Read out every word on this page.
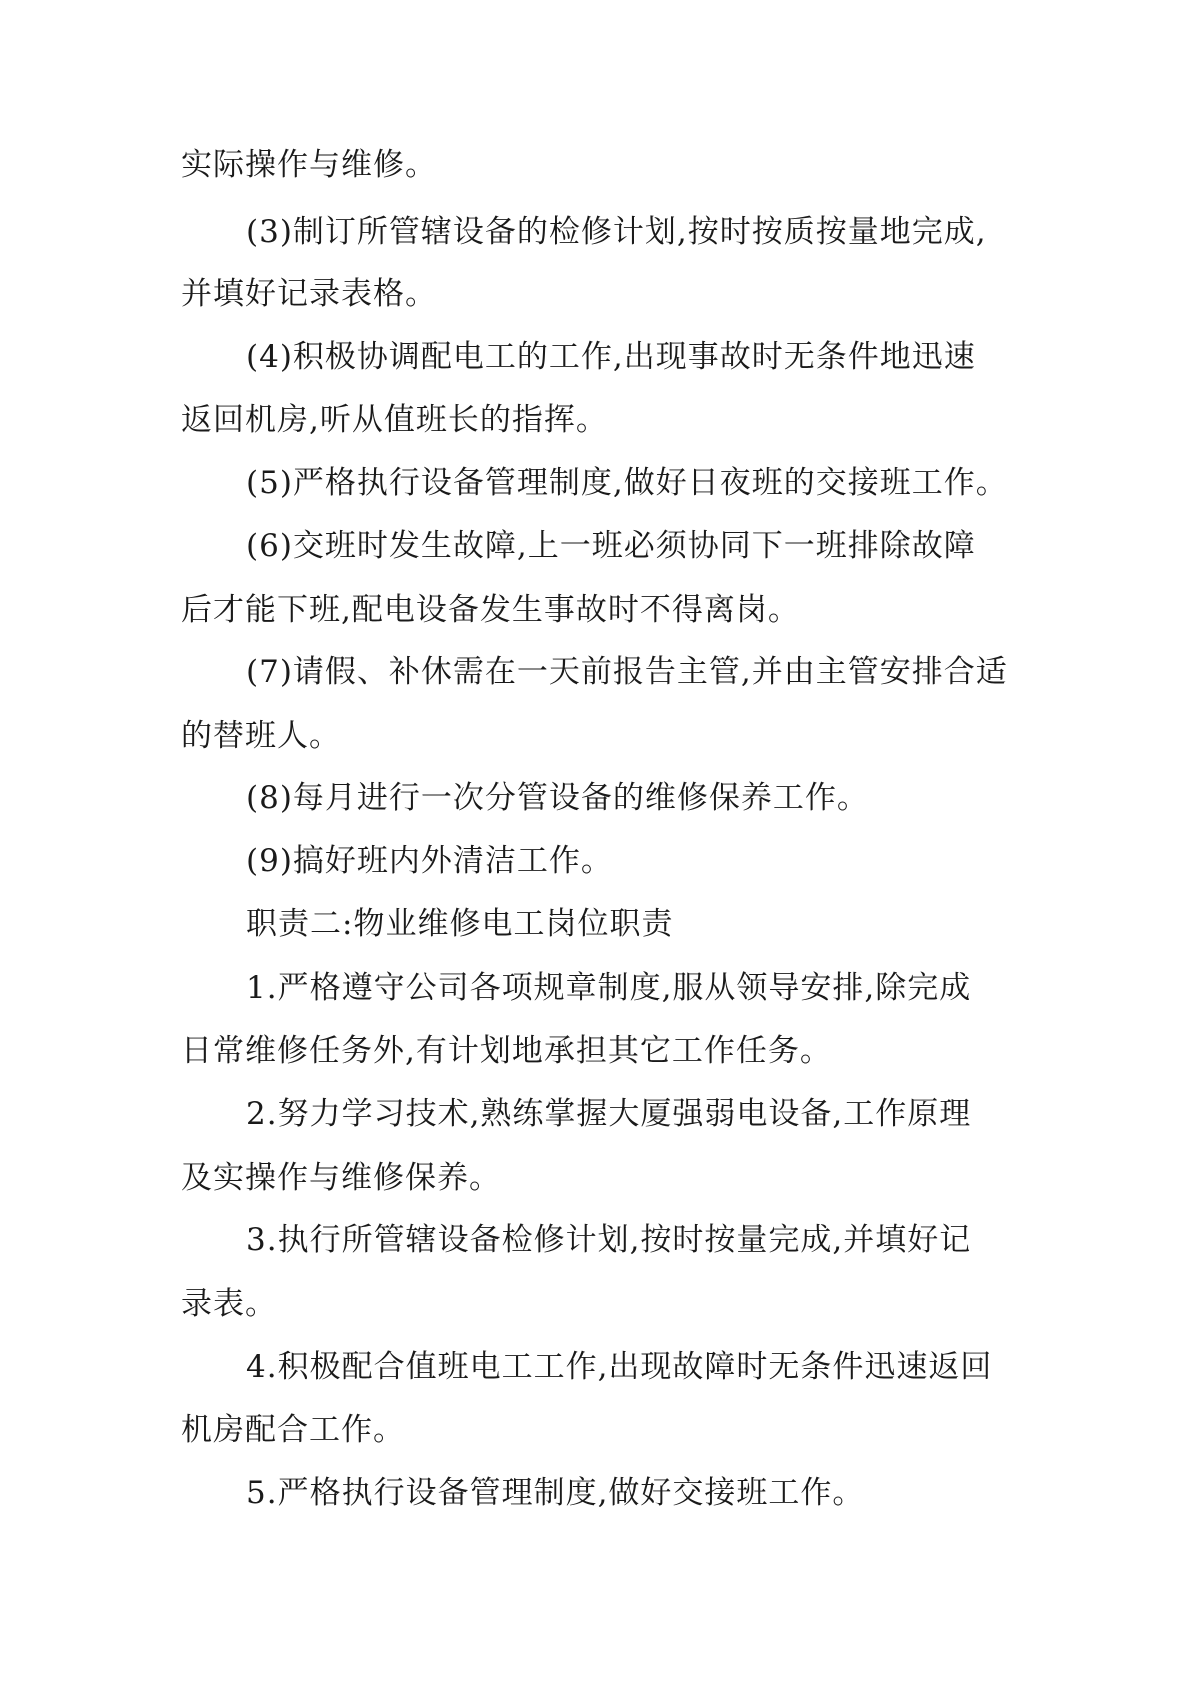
实际操作与维修。
(3)制订所管辖设备的检修计划,按时按质按量地完成,
并填好记录表格。
(4)积极协调配电工的工作,出现事故时无条件地迅速
返回机房,听从值班长的指挥。
(5)严格执行设备管理制度,做好日夜班的交接班工作。
(6)交班时发生故障,上一班必须协同下一班排除故障
后才能下班,配电设备发生事故时不得离岗。
(7)请假、补休需在一天前报告主管,并由主管安排合适
的替班人。
(8)每月进行一次分管设备的维修保养工作。
(9)搞好班内外清洁工作。
职责二:物业维修电工岗位职责
1.严格遵守公司各项规章制度,服从领导安排,除完成
日常维修任务外,有计划地承担其它工作任务。
2.努力学习技术,熟练掌握大厦强弱电设备,工作原理
及实操作与维修保养。
3.执行所管辖设备检修计划,按时按量完成,并填好记
录表。
4.积极配合值班电工工作,出现故障时无条件迅速返回
机房配合工作。
5.严格执行设备管理制度,做好交接班工作。
